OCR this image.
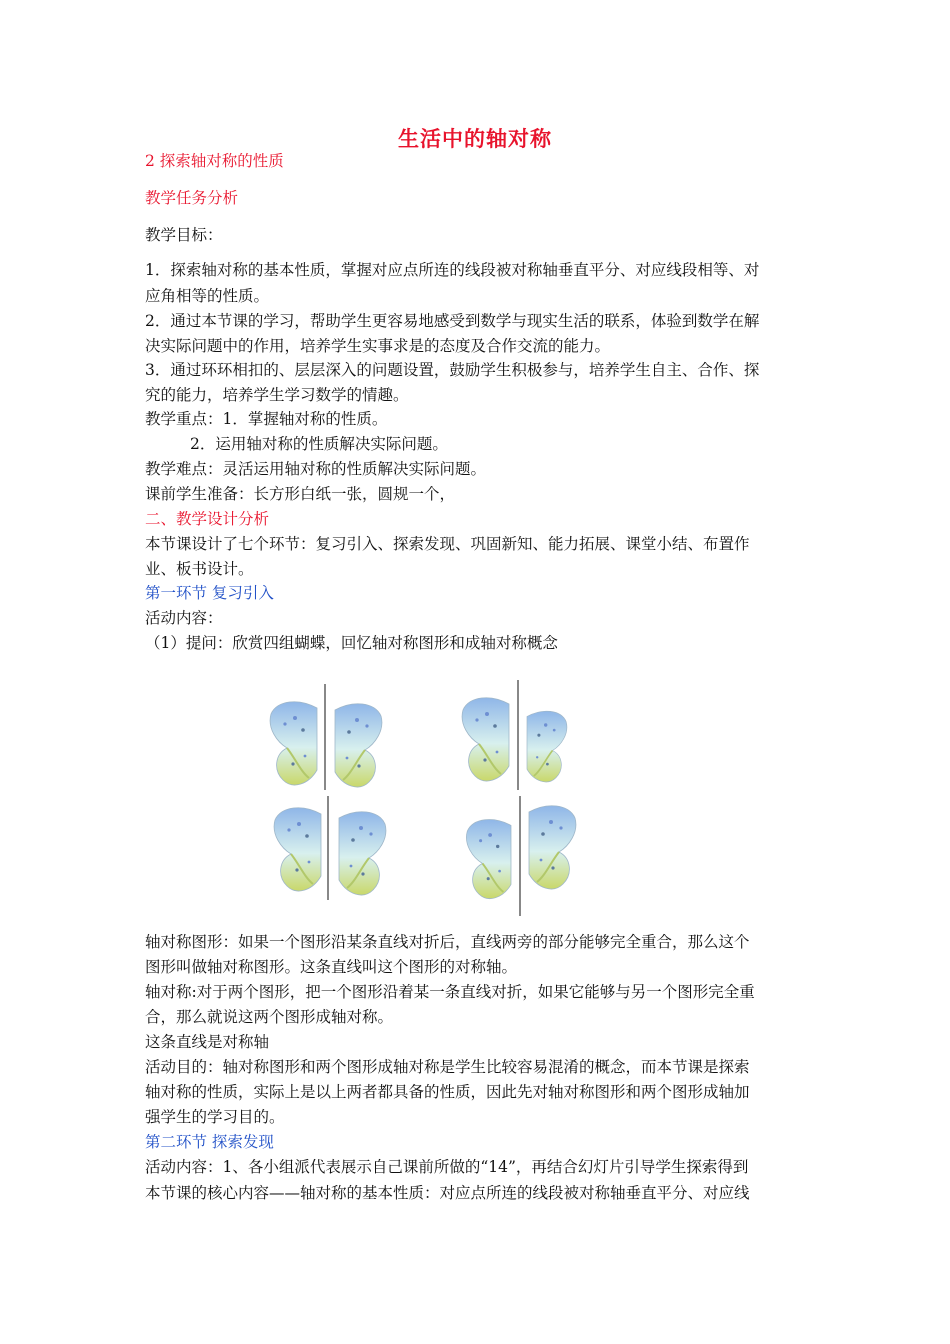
生活中的轴对称
2 探索轴对称的性质
教学任务分析
教学目标：
1．探索轴对称的基本性质，掌握对应点所连的线段被对称轴垂直平分、对应线段相等、对
应角相等的性质。
2．通过本节课的学习，帮助学生更容易地感受到数学与现实生活的联系，体验到数学在解
决实际问题中的作用，培养学生实事求是的态度及合作交流的能力。
3．通过环环相扣的、层层深入的问题设置，鼓励学生积极参与，培养学生自主、合作、探
究的能力，培养学生学习数学的情趣。
教学重点：1．掌握轴对称的性质。
2．运用轴对称的性质解决实际问题。
教学难点：灵活运用轴对称的性质解决实际问题。
课前学生准备：长方形白纸一张，圆规一个，
二、教学设计分析
本节课设计了七个环节：复习引入、探索发现、巩固新知、能力拓展、课堂小结、布置作
业、板书设计。
第一环节 复习引入
活动内容：
（1）提问：欣赏四组蝴蝶，回忆轴对称图形和成轴对称概念
轴对称图形：如果一个图形沿某条直线对折后，直线两旁的部分能够完全重合，那么这个
图形叫做轴对称图形。这条直线叫这个图形的对称轴。
轴对称:对于两个图形，把一个图形沿着某一条直线对折，如果它能够与另一个图形完全重
合，那么就说这两个图形成轴对称。
这条直线是对称轴
活动目的：轴对称图形和两个图形成轴对称是学生比较容易混淆的概念，而本节课是探索
轴对称的性质，实际上是以上两者都具备的性质，因此先对轴对称图形和两个图形成轴加
强学生的学习目的。
第二环节 探索发现
活动内容：1、各小组派代表展示自己课前所做的“14”，再结合幻灯片引导学生探索得到
本节课的核心内容——轴对称的基本性质：对应点所连的线段被对称轴垂直平分、对应线
